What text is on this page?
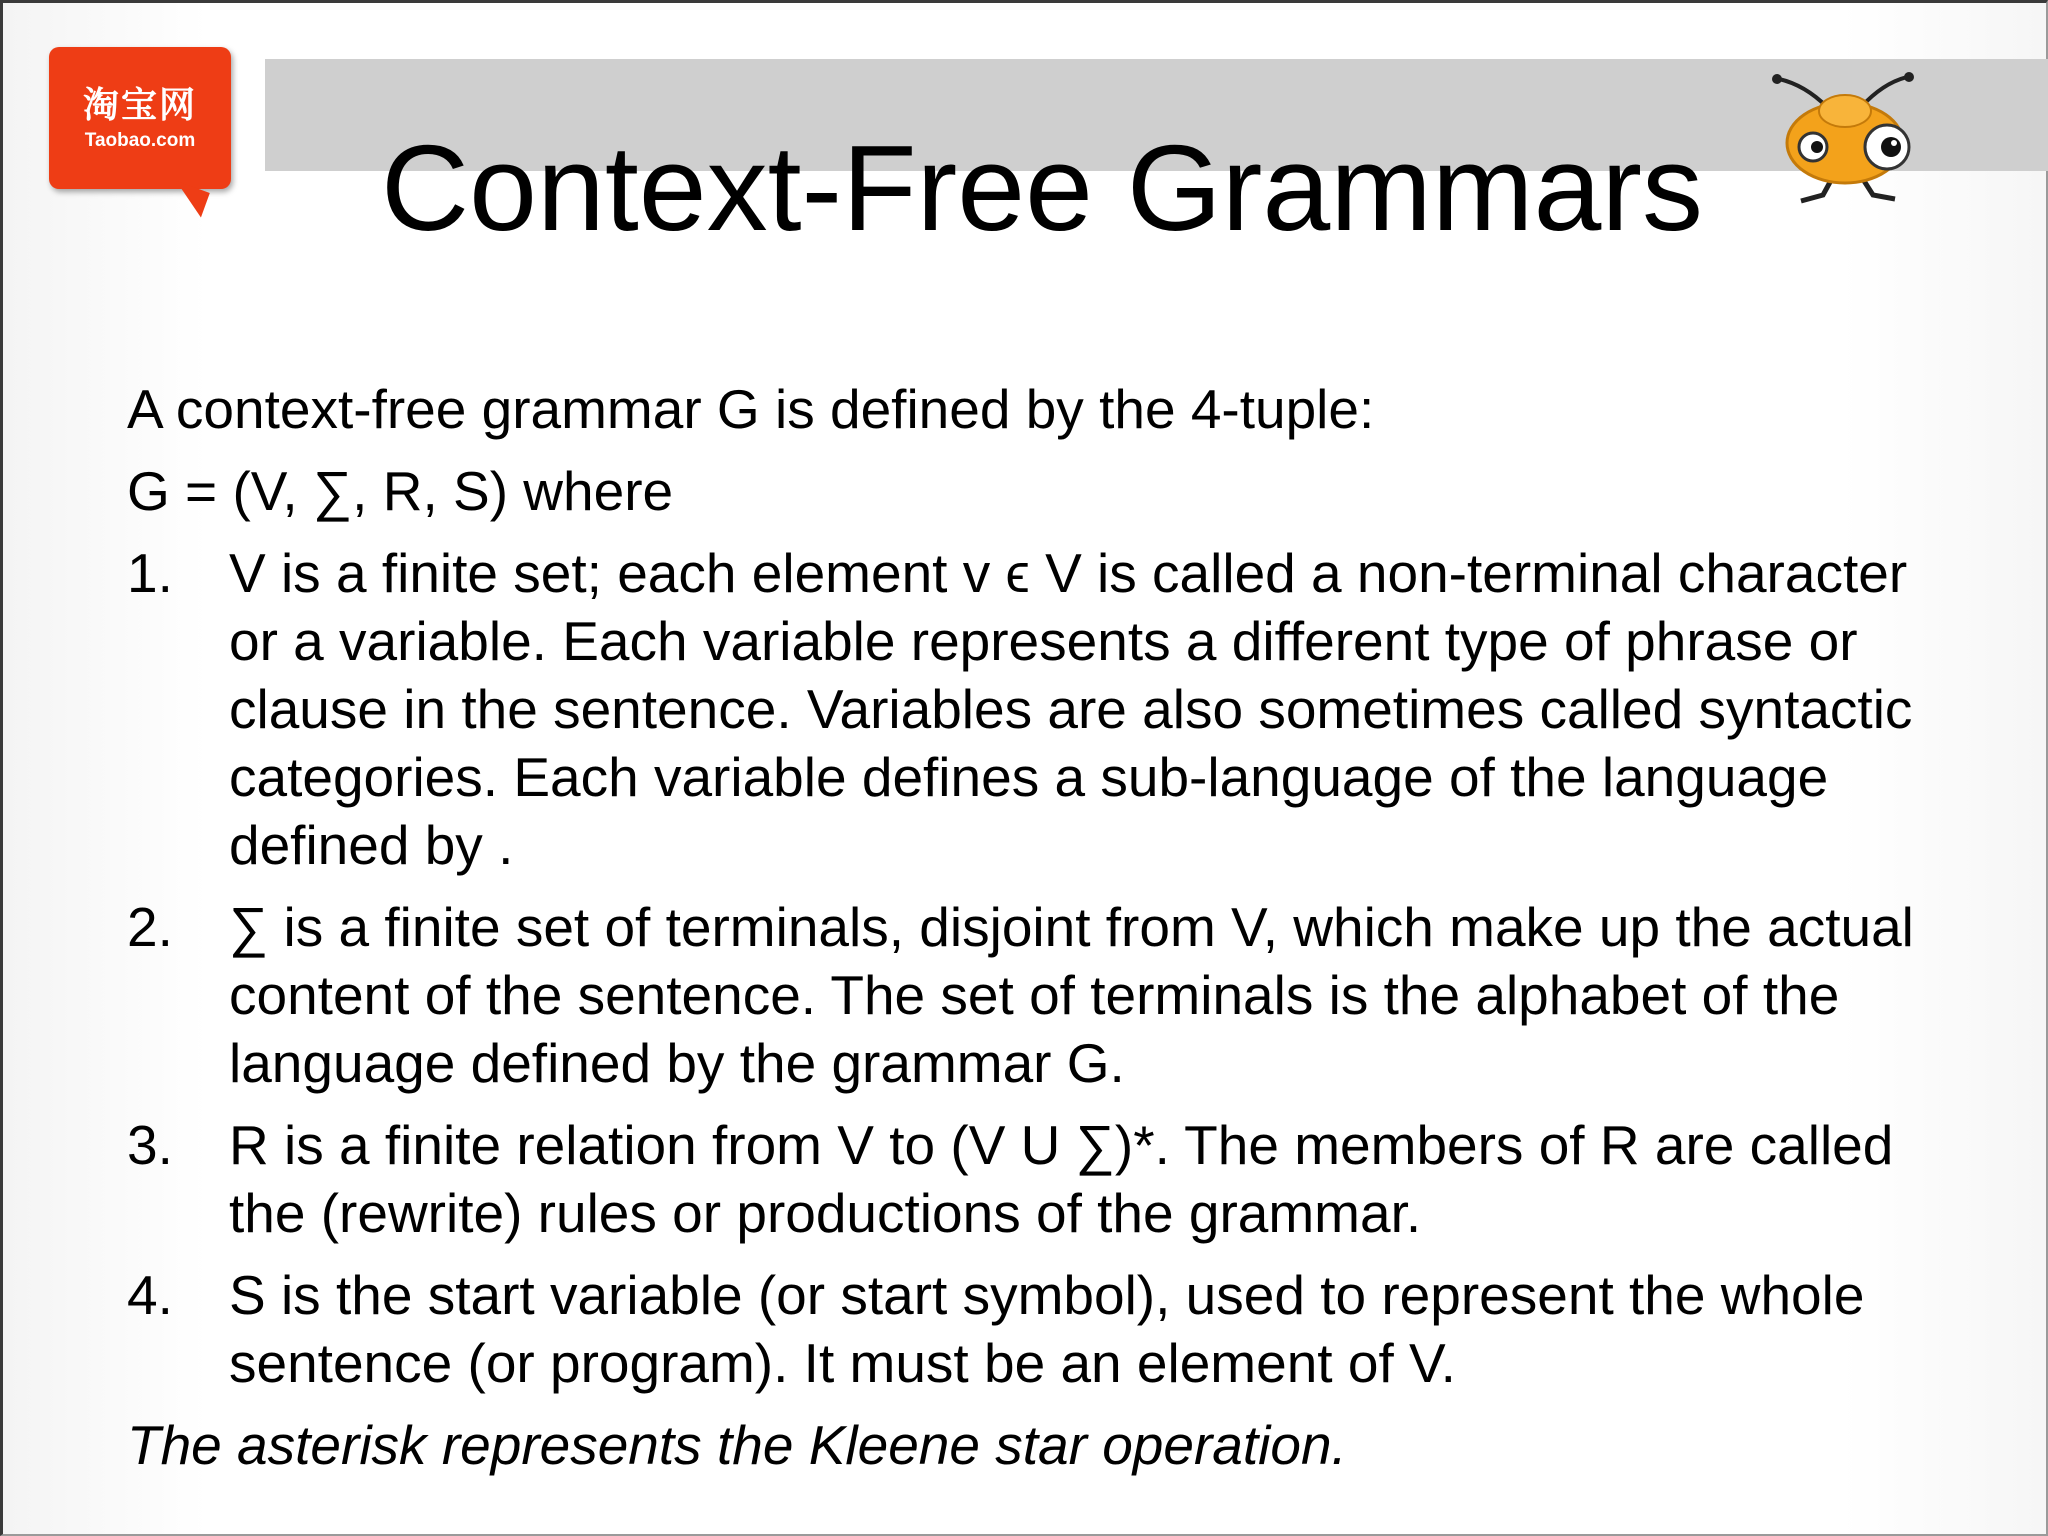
淘宝网
Taobao.com	Context-Free Grammars

A context-free grammar G is defined by the 4-tuple:

G = (V, ∑, R, S) where

1.	V is a finite set; each element v ϵ V is called a non-terminal character or a variable. Each variable represents a different type of phrase or clause in the sentence. Variables are also sometimes called syntactic categories. Each variable defines a sub-language of the language defined by .
2.	∑ is a finite set of terminals, disjoint from V, which make up the actual content of the sentence. The set of terminals is the alphabet of the language defined by the grammar G.
3.	R is a finite relation from V to (V U ∑)*. The members of R are called the (rewrite) rules or productions of the grammar.
4.	S is the start variable (or start symbol), used to represent the whole sentence (or program). It must be an element of V.

The asterisk represents the Kleene star operation.
